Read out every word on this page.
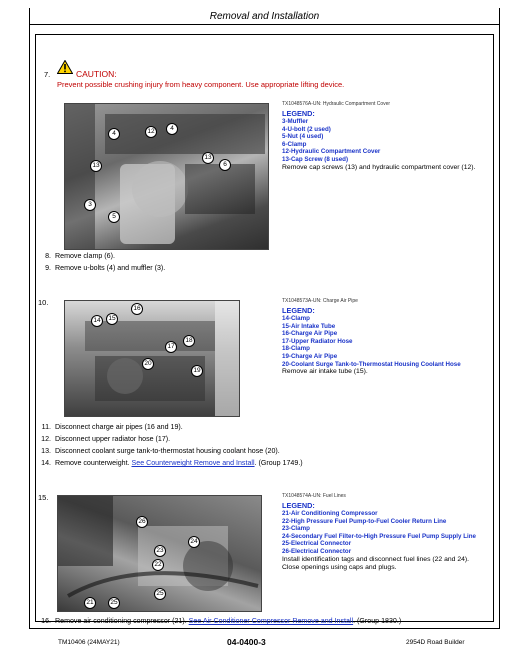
Removal and Installation
7.	CAUTION:
Prevent possible crushing injury from heavy component. Use appropriate lifting device.
4	12	4
13
13
6
3
5
TX1048576A-UN: Hydraulic Compartment Cover
LEGEND:
3-Muffler
4-U-bolt (2 used)
5-Nut (4 used)
6-Clamp
12-Hydraulic Compartment Cover
13-Cap Screw (8 used)
Remove cap screws (13) and hydraulic compartment cover (12).
8. Remove clamp (6).
9. Remove u-bolts (4) and muffler (3).
10.
16
14	15
18
17
20
19
TX1048573A-UN: Charge Air Pipe
LEGEND:
14-Clamp
15-Air Intake Tube
16-Charge Air Pipe
17-Upper Radiator Hose
18-Clamp
19-Charge Air Pipe
20-Coolant Surge Tank-to-Thermostat Housing Coolant Hose
Remove air intake tube (15).
11. Disconnect charge air pipes (16 and 19).
12. Disconnect upper radiator hose (17).
13. Disconnect coolant surge tank-to-thermostat housing coolant hose (20).
14. Remove counterweight. See Counterweight Remove and Install. (Group 1749.)
15.
26
23
24
22
25
21	25
TX1048574A-UN: Fuel Lines
LEGEND:
21-Air Conditioning Compressor
22-High Pressure Fuel Pump-to-Fuel Cooler Return Line
23-Clamp
24-Secondary Fuel Filter-to-High Pressure Fuel Pump Supply Line
25-Electrical Connector
26-Electrical Connector
Install identification tags and disconnect fuel lines (22 and 24).
Close openings using caps and plugs.
16. Remove air conditioning compressor (21). See Air Conditioner Compressor Remove and Install. (Group 1830.)
TM10406 (24MAY21)	04-0400-3	2954D Road Builder
